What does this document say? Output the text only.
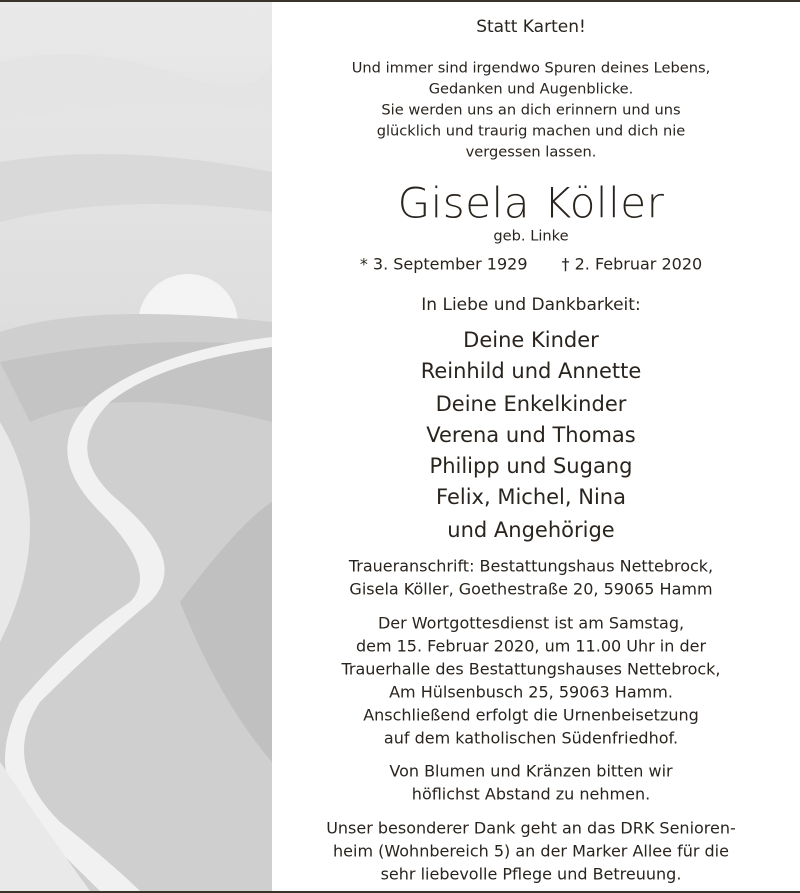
Statt Karten!
Und immer sind irgendwo Spuren deines Lebens,
Gedanken und Augenblicke.
Sie werden uns an dich erinnern und uns
glücklich und traurig machen und dich nie
vergessen lassen.
Gisela Köller
geb. Linke
* 3. September 1929 † 2. Februar 2020
In Liebe und Dankbarkeit:
Deine Kinder
Reinhild und Annette
Deine Enkelkinder
Verena und Thomas
Philipp und Sugang
Felix, Michel, Nina
und Angehörige
Traueranschrift: Bestattungshaus Nettebrock,
Gisela Köller, Goethestraße 20, 59065 Hamm
Der Wortgottesdienst ist am Samstag,
dem 15. Februar 2020, um 11.00 Uhr in der
Trauerhalle des Bestattungshauses Nettebrock,
Am Hülsenbusch 25, 59063 Hamm.
Anschließend erfolgt die Urnenbeisetzung
auf dem katholischen Südenfriedhof.
Von Blumen und Kränzen bitten wir
höflichst Abstand zu nehmen.
Unser besonderer Dank geht an das DRK Senioren-
heim (Wohnbereich 5) an der Marker Allee für die
sehr liebevolle Pflege und Betreuung.
